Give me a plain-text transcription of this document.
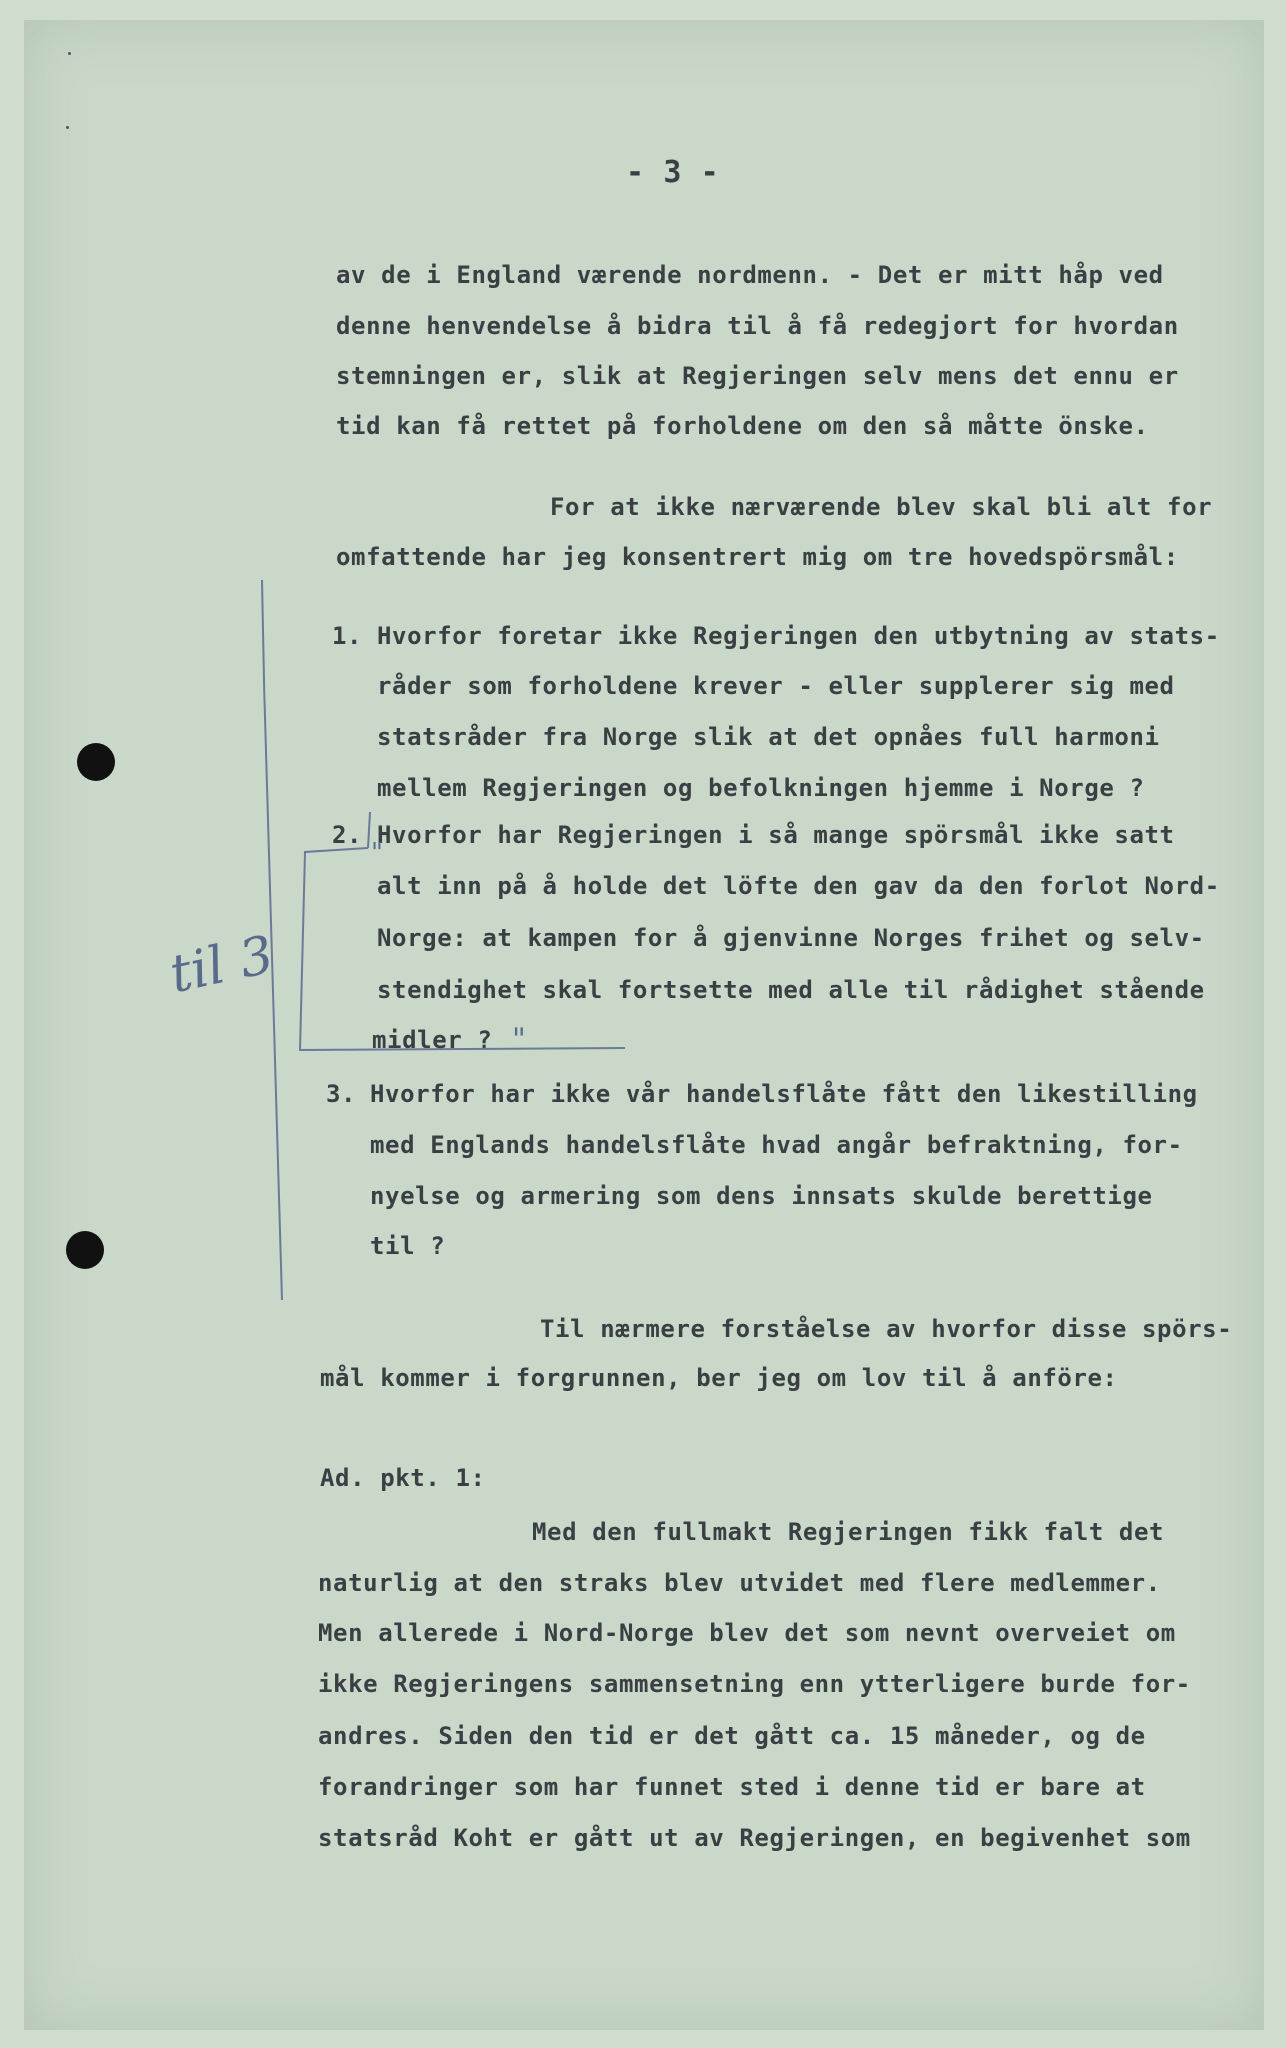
- 3 -
av de i England værende nordmenn. - Det er mitt håp ved
denne henvendelse å bidra til å få redegjort for hvordan
stemningen er, slik at Regjeringen selv mens det ennu er
tid kan få rettet på forholdene om den så måtte önske.
For at ikke nærværende blev skal bli alt for
omfattende har jeg konsentrert mig om tre hovedspörsmål:
1. Hvorfor foretar ikke Regjeringen den utbytning av stats-
råder som forholdene krever - eller supplerer sig med
statsråder fra Norge slik at det opnåes full harmoni
mellem Regjeringen og befolkningen hjemme i Norge ?
2. Hvorfor har Regjeringen i så mange spörsmål ikke satt
alt inn på å holde det löfte den gav da den forlot Nord-
Norge: at kampen for å gjenvinne Norges frihet og selv-
stendighet skal fortsette med alle til rådighet stående
midler ?
3. Hvorfor har ikke vår handelsflåte fått den likestilling
med Englands handelsflåte hvad angår befraktning, for-
nyelse og armering som dens innsats skulde berettige
til ?
Til nærmere forståelse av hvorfor disse spörs-
mål kommer i forgrunnen, ber jeg om lov til å anföre:
Ad. pkt. 1:
Med den fullmakt Regjeringen fikk falt det
naturlig at den straks blev utvidet med flere medlemmer.
Men allerede i Nord-Norge blev det som nevnt overveiet om
ikke Regjeringens sammensetning enn ytterligere burde for-
andres. Siden den tid er det gått ca. 15 måneder, og de
forandringer som har funnet sted i denne tid er bare at
statsråd Koht er gått ut av Regjeringen, en begivenhet som
til 3
"
"
